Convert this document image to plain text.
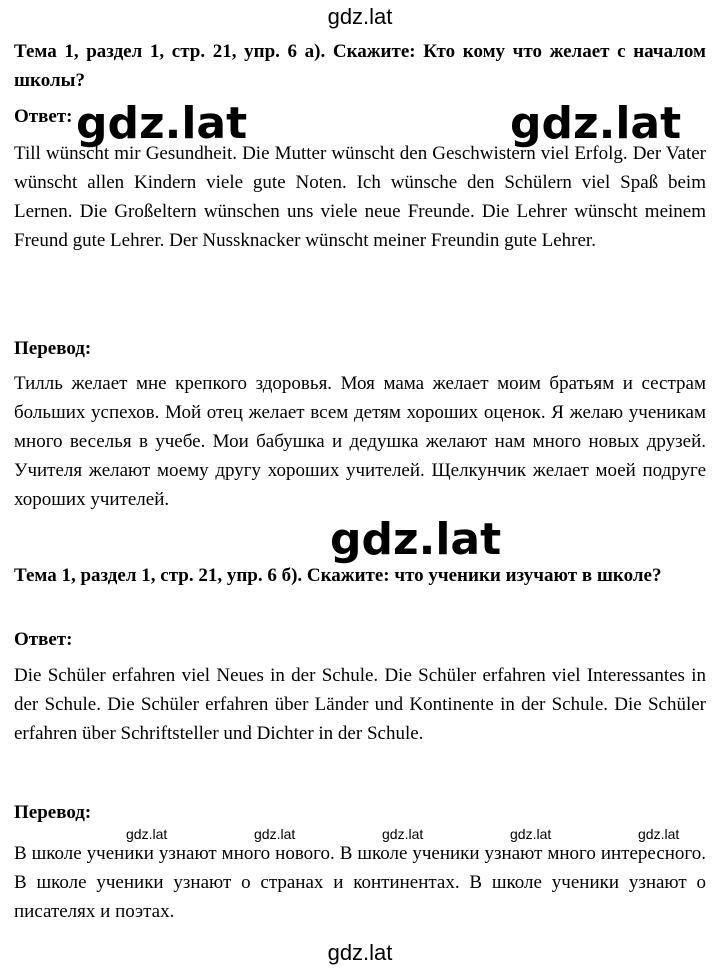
gdz.lat

Тема 1, раздел 1, стр. 21, упр. 6 а). Скажите: Кто кому что желает с началом школы?

Ответ:

Till wünscht mir Gesundheit. Die Mutter wünscht den Geschwistern viel Erfolg. Der Vater wünscht allen Kindern viele gute Noten. Ich wünsche den Schülern viel Spaß beim Lernen. Die Großeltern wünschen uns viele neue Freunde. Die Lehrer wünscht meinem Freund gute Lehrer. Der Nussknacker wünscht meiner Freundin gute Lehrer.

gdz.lat	gdz.lat

Перевод:

Тилль желает мне крепкого здоровья. Моя мама желает моим братьям и сестрам больших успехов. Мой отец желает всем детям хороших оценок. Я желаю ученикам много веселья в учебе. Мои бабушка и дедушка желают нам много новых друзей. Учителя желают моему другу хороших учителей. Щелкунчик желает моей подруге хороших учителей.

gdz.lat

Тема 1, раздел 1, стр. 21, упр. 6 б). Скажите: что ученики изучают в школе?

Ответ:

Die Schüler erfahren viel Neues in der Schule. Die Schüler erfahren viel Interessantes in der Schule. Die Schüler erfahren über Länder und Kontinente in der Schule. Die Schüler erfahren über Schriftsteller und Dichter in der Schule.

Перевод:

gdz.lat	gdz.lat	gdz.lat	gdz.lat	gdz.lat

В школе ученики узнают много нового. В школе ученики узнают много интересного. В школе ученики узнают о странах и континентах. В школе ученики узнают о писателях и поэтах.

gdz.lat
